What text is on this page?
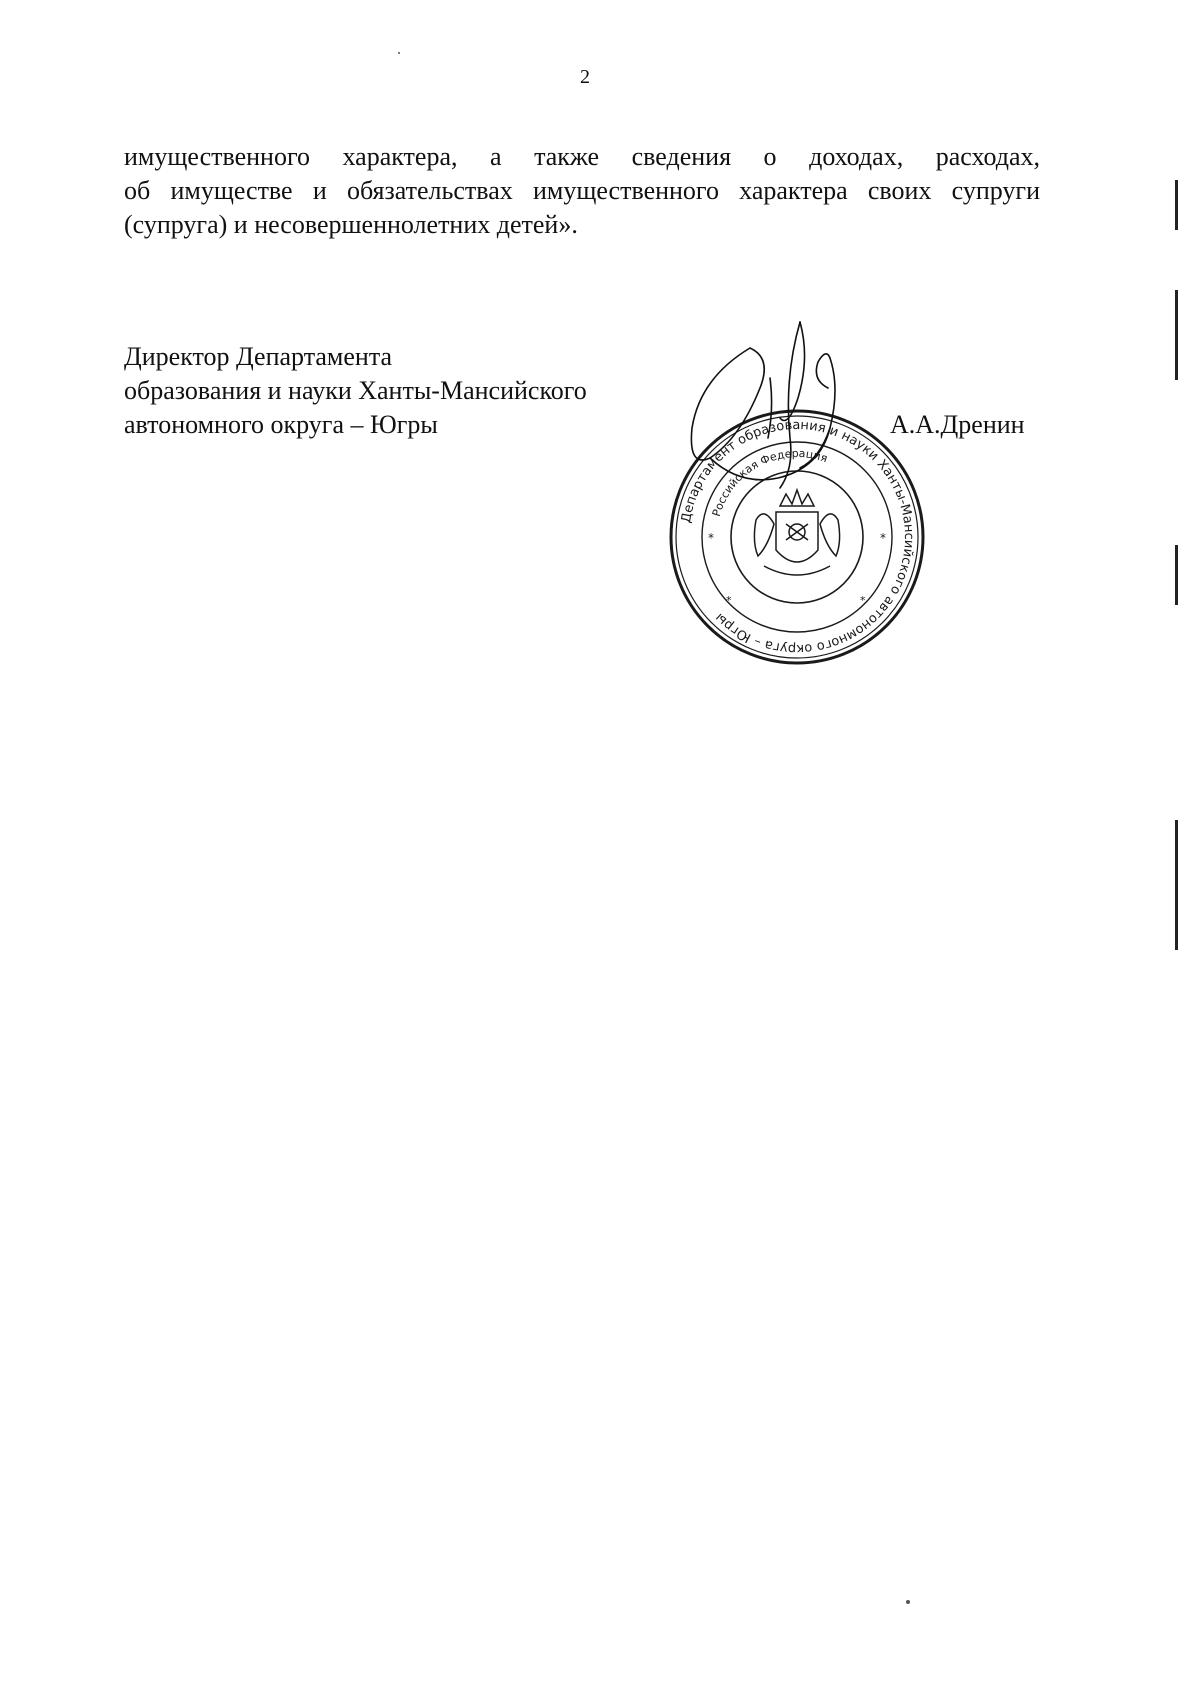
2
имущественного характера, а также сведения о доходах, расходах,
об имуществе и обязательствах имущественного характера своих супруги
(супруга) и несовершеннолетних детей».
Директор Департамента
образования и науки Ханты-Мансийского
автономного округа – Югры	А.А.Дренин
Департамент образования и науки Ханты-Мансийского автономного округа – Югры
Российская Федерация
*	*
*	*
